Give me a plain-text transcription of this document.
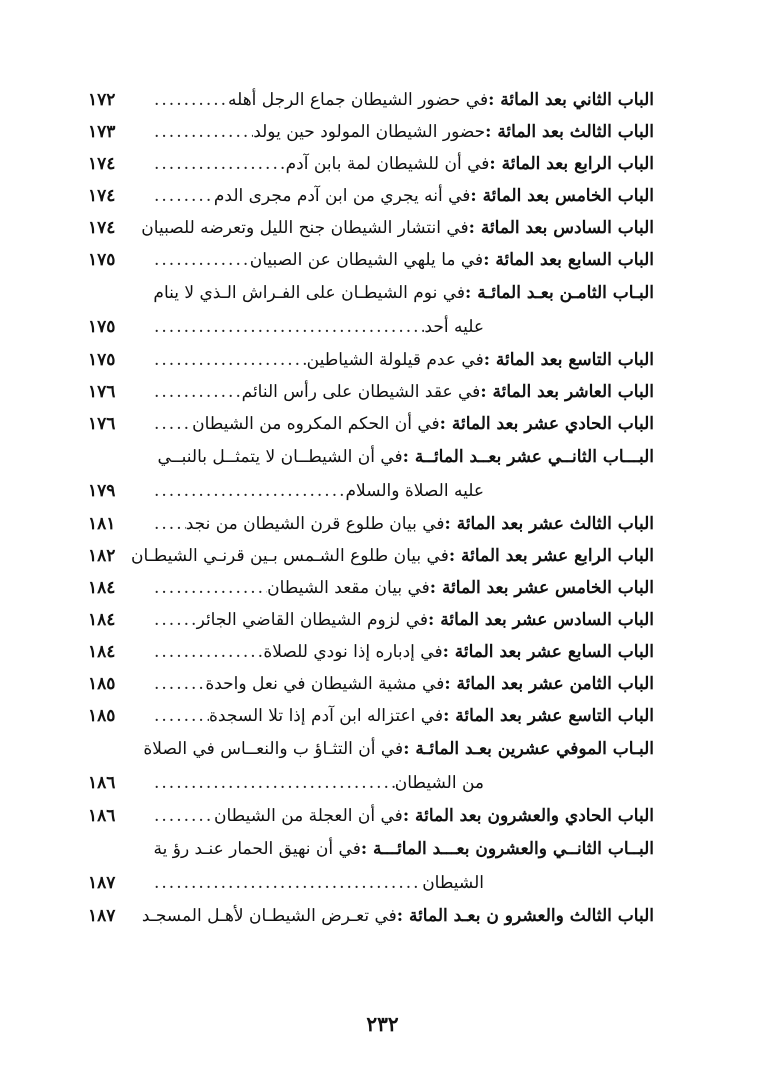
الباب الثاني بعد المائة :
في حضور الشيطان جماع الرجل أهله
.....
١٧٢
الباب الثالث بعد المائة :
حضور الشيطان المولود حين يولد
.....
١٧٣
الباب الرابع بعد المائة :
في أن للشيطان لمة بابن آدم
.....
١٧٤
الباب الخامس بعد المائة :
في أنه يجري من ابن آدم مجرى الدم
.....
١٧٤
الباب السادس بعد المائة :
في انتشار الشيطان جنح الليل وتعرضه للصبيان
١٧٤
الباب السابع بعد المائة :
في ما يلهي الشيطان عن الصبيان
.....
١٧٥
البـاب الثامـن بعـد المائـة :
في نوم الشيطـان على الفـراش الـذي لا ينام
عليه أحد
.....
١٧٥
الباب التاسع بعد المائة :
في عدم قيلولة الشياطين
.....
١٧٥
الباب العاشر بعد المائة :
في عقد الشيطان على رأس النائم
.....
١٧٦
الباب الحادي عشر بعد المائة :
في أن الحكم المكروه من الشيطان
.....
١٧٦
البـــاب الثانــي عشر بعــد المائــة :
في أن الشيطــان لا يتمثــل بالنبــي
عليه الصلاة والسلام
.....
١٧٩
الباب الثالث عشر بعد المائة :
في بيان طلوع قرن الشيطان من نجد
.....
١٨١
الباب الرابع عشر بعد المائة :
في بيان طلوع الشـمس بـين قرنـي الشيطـان
١٨٢
الباب الخامس عشر بعد المائة :
في بيان مقعد الشيطان
.....
١٨٤
الباب السادس عشر بعد المائة :
في لزوم الشيطان القاضي الجائر
.....
١٨٤
الباب السابع عشر بعد المائة :
في إدباره إذا نودي للصلاة
.....
١٨٤
الباب الثامن عشر بعد المائة :
في مشية الشيطان في نعل واحدة
.....
١٨٥
الباب التاسع عشر بعد المائة :
في اعتزاله ابن آدم إذا تلا السجدة
.....
١٨٥
البـاب الموفي عشرين بعـد المائـة :
في أن التثـاؤ ب والنعــاس في الصلاة
من الشيطان
.....
١٨٦
الباب الحادي والعشرون بعد المائة :
في أن العجلة من الشيطان
.....
١٨٦
البــاب الثانــي والعشرون بعـــد المائـــة :
في أن نهيق الحمار عنـد رؤ ية
الشيطان
.....
١٨٧
الباب الثالث والعشرو ن بعـد المائة :
في تعـرض الشيطـان لأهـل المسجـد
١٨٧
٢٣٢
